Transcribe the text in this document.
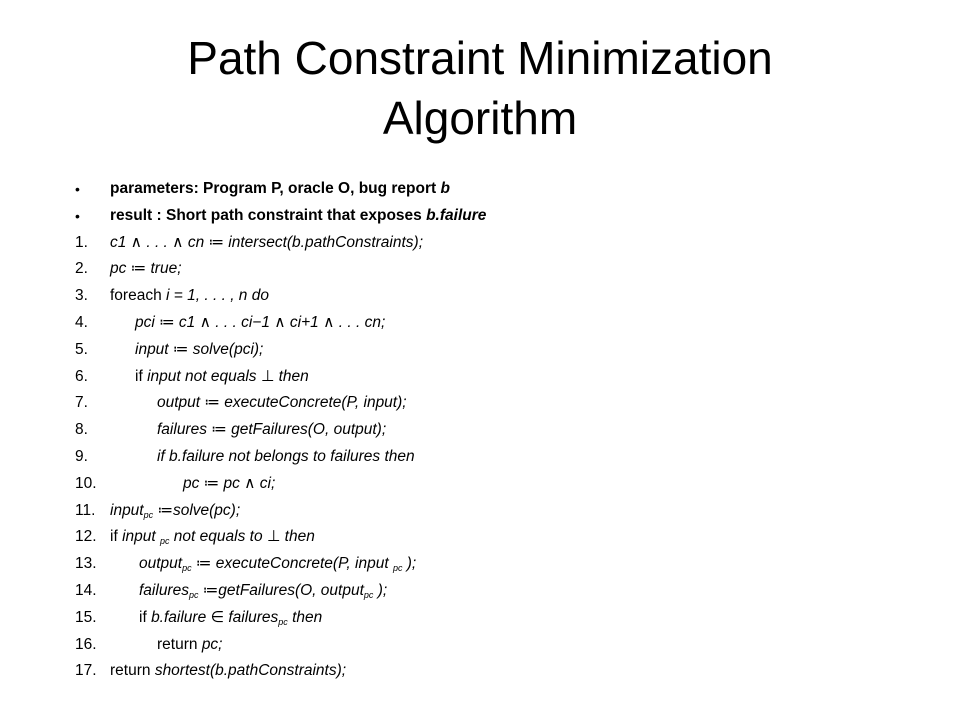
Path Constraint Minimization
Algorithm
• parameters: Program P, oracle O, bug report b
• result : Short path constraint that exposes b.failure
1. c1 ∧ . . . ∧ cn ≔ intersect(b.pathConstraints);
2. pc ≔ true;
3. foreach i = 1, . . . , n do
4.	pci ≔ c1 ∧ . . . ci−1 ∧ ci+1 ∧ . . . cn;
5.	input ≔ solve(pci);
6.	if input not equals ⊥ then
7.	output ≔ executeConcrete(P, input);
8.	failures ≔ getFailures(O, output);
9.	if b.failure not belongs to failures then
10.	pc ≔ pc ∧ ci;
11. input$_{pc}$ ≔solve(pc);
12. if input $_{pc}$ not equals to ⊥ then
13.	output$_{pc}$ ≔ executeConcrete(P, input $_{pc}$ );
14.	failures$_{pc}$ ≔getFailures(O, output$_{pc}$ );
15.	if b.failure ∈ failures$_{pc}$ then
16.	return pc;
17. return shortest(b.pathConstraints);
